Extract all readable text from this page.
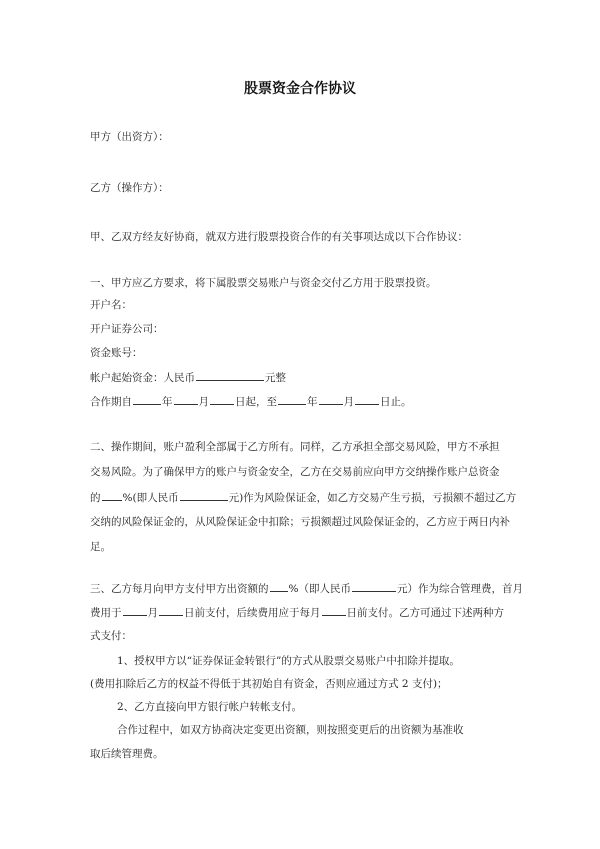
股票资金合作协议
甲方（出资方）：
乙方（操作方）：
甲、乙双方经友好协商，就双方进行股票投资合作的有关事项达成以下合作协议：
一、甲方应乙方要求，将下属股票交易账户与资金交付乙方用于股票投资。
开户名：
开户证券公司：
资金账号：
帐户起始资金：人民币	元整
合作期自	年 月 日起，至	年 月 日止。
二、操作期间，账户盈利全部属于乙方所有。同样，乙方承担全部交易风险，甲方不承担
交易风险。为了确保甲方的账户与资金安全，乙方在交易前应向甲方交纳操作账户总资金
的 %(即人民币	元)作为风险保证金，如乙方交易产生亏损，亏损额不超过乙方
交纳的风险保证金的，从风险保证金中扣除；亏损额超过风险保证金的，乙方应于两日内补
足。
三、乙方每月向甲方支付甲方出资额的 %（即人民币	元）作为综合管理费，首月
费用于 月 日前支付，后续费用应于每月 日前支付。乙方可通过下述两种方
式支付：
1、授权甲方以“证券保证金转银行”的方式从股票交易账户中扣除并提取。
(费用扣除后乙方的权益不得低于其初始自有资金，否则应通过方式 2 支付)；
2、乙方直接向甲方银行帐户转帐支付。
合作过程中，如双方协商决定变更出资额，则按照变更后的出资额为基准收
取后续管理费。
